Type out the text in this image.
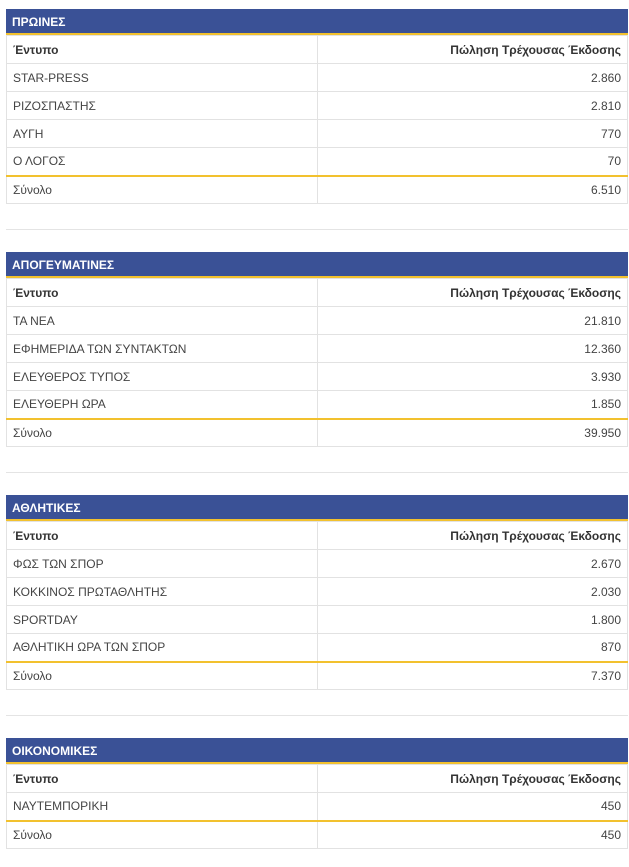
ΠΡΩΙΝΕΣ
Έντυπο	Πώληση Τρέχουσας Έκδοσης
STAR-PRESS	2.860
ΡΙΖΟΣΠΑΣΤΗΣ	2.810
ΑΥΓΗ	770
Ο ΛΟΓΟΣ	70
Σύνολο	6.510
ΑΠΟΓΕΥΜΑΤΙΝΕΣ
Έντυπο	Πώληση Τρέχουσας Έκδοσης
ΤΑ ΝΕΑ	21.810
ΕΦΗΜΕΡΙΔΑ ΤΩΝ ΣΥΝΤΑΚΤΩΝ	12.360
ΕΛΕΥΘΕΡΟΣ ΤΥΠΟΣ	3.930
ΕΛΕΥΘΕΡΗ ΩΡΑ	1.850
Σύνολο	39.950
ΑΘΛΗΤΙΚΕΣ
Έντυπο	Πώληση Τρέχουσας Έκδοσης
ΦΩΣ ΤΩΝ ΣΠΟΡ	2.670
ΚΟΚΚΙΝΟΣ ΠΡΩΤΑΘΛΗΤΗΣ	2.030
SPORTDAY	1.800
ΑΘΛΗΤΙΚΗ ΩΡΑ ΤΩΝ ΣΠΟΡ	870
Σύνολο	7.370
ΟΙΚΟΝΟΜΙΚΕΣ
Έντυπο	Πώληση Τρέχουσας Έκδοσης
ΝΑΥΤΕΜΠΟΡΙΚΗ	450
Σύνολο	450
